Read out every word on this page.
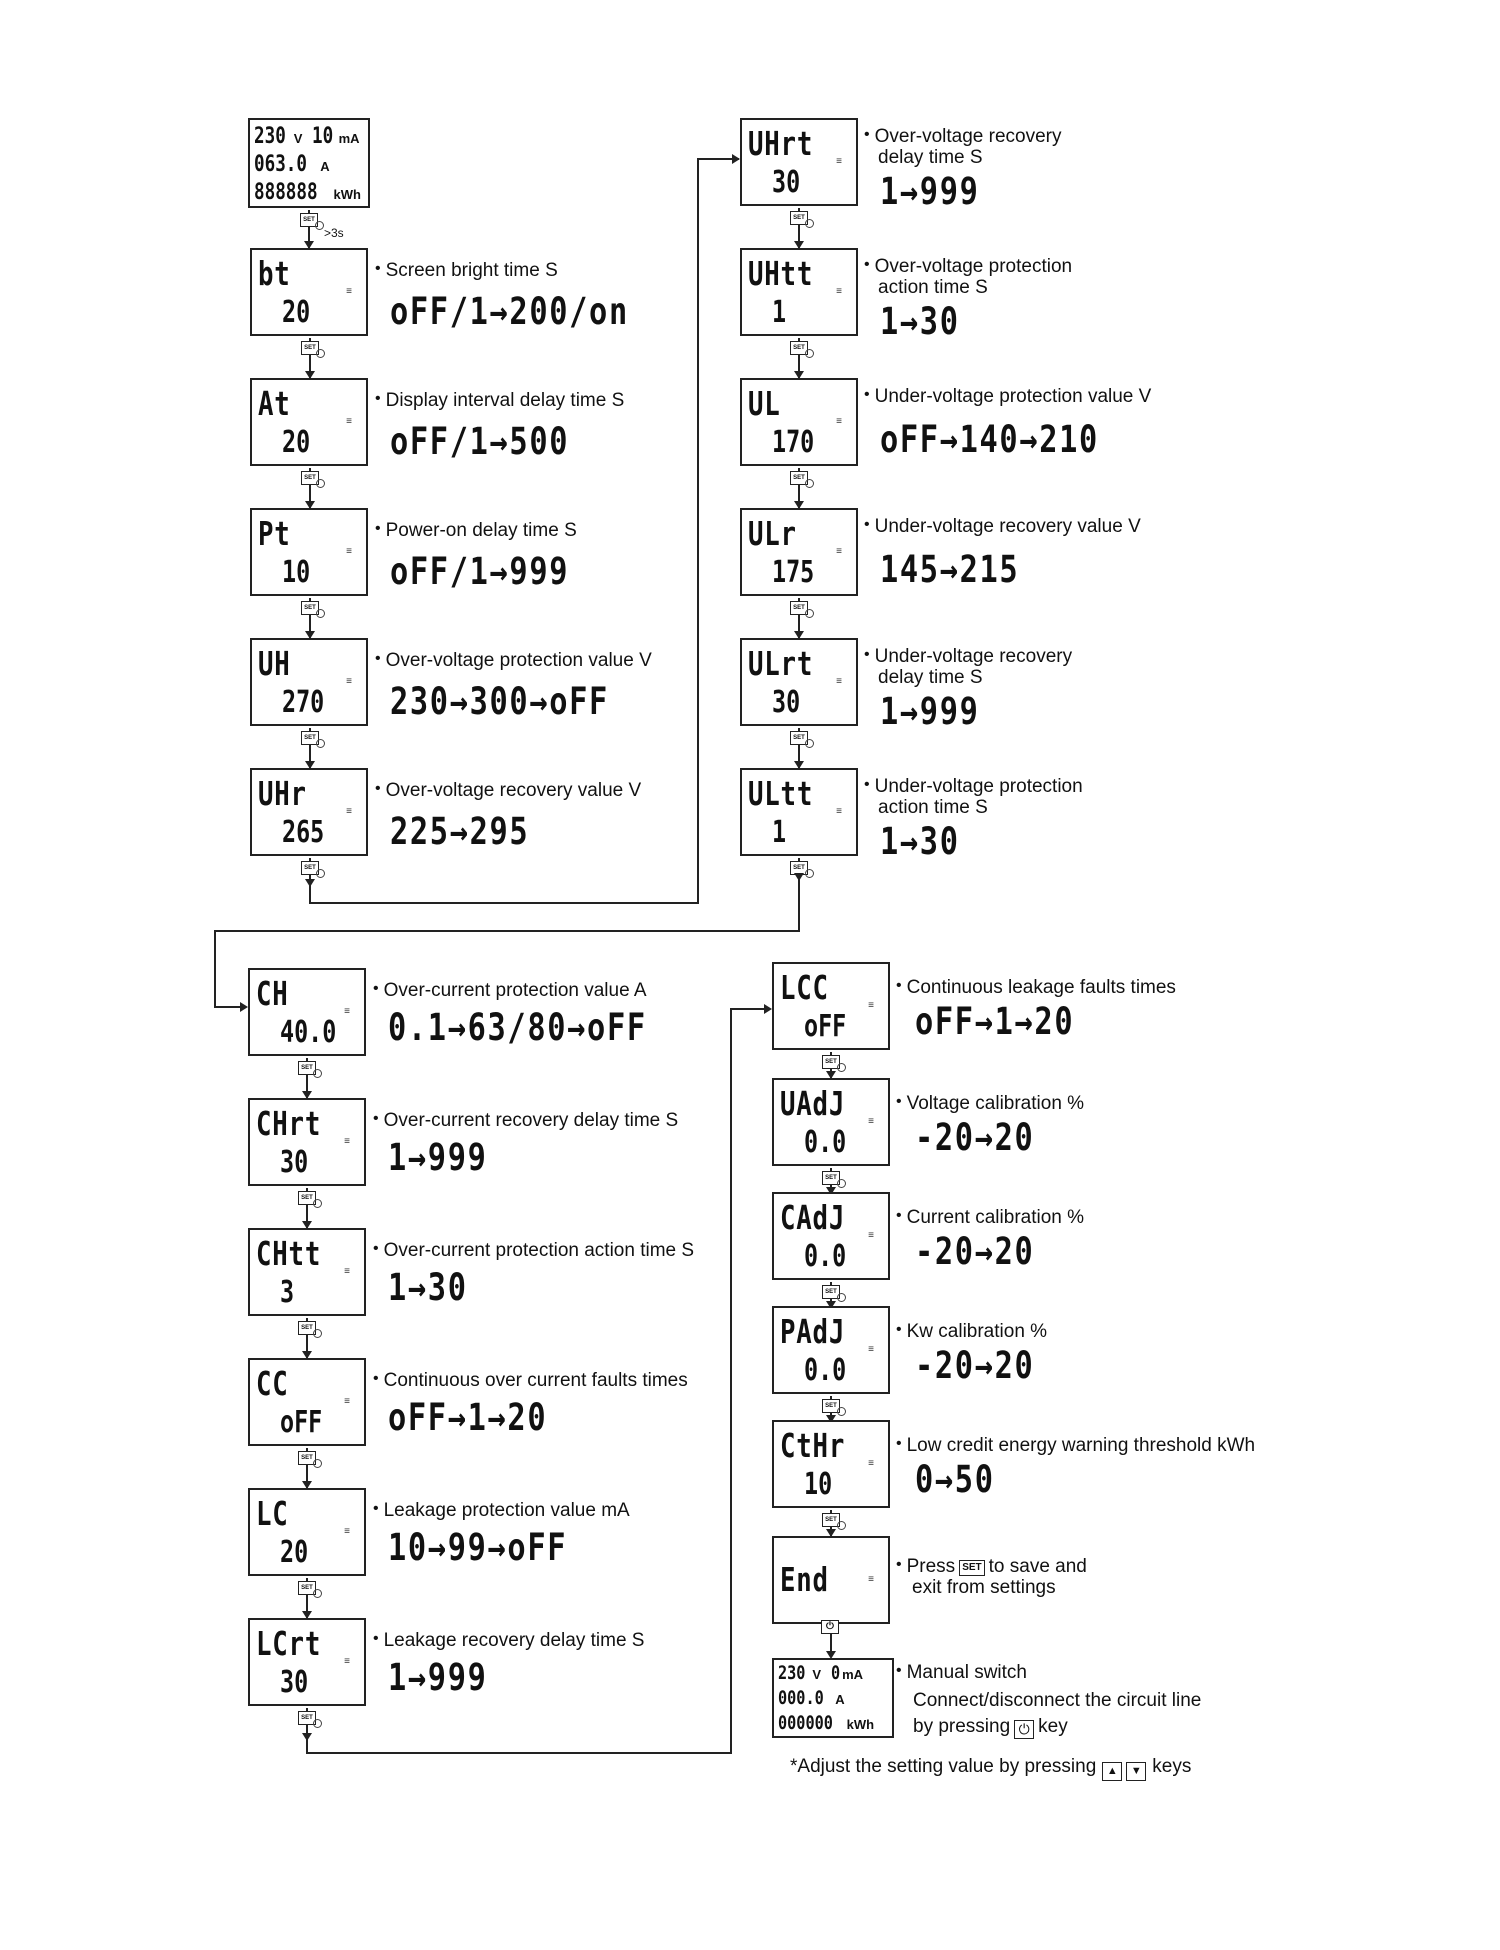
230 V 10 mA
063.0 A
888888 kWh
SET
>3s
bt
20
≡
• Screen bright time S
oFF/1→200/on
SET
At
20
≡
• Display interval delay time S
oFF/1→500
SET
Pt
10
≡
• Power-on delay time S
oFF/1→999
SET
UH
270
≡
• Over-voltage protection value V
230→300→oFF
SET
UHr
265
≡
• Over-voltage recovery value V
225→295
SET
UHrt
30
≡
• Over-voltage recovery
delay time S
1→999
SET
UHtt
1
≡
• Over-voltage protection
action time S
1→30
SET
UL
170
≡
• Under-voltage protection value V
oFF→140→210
SET
ULr
175
≡
• Under-voltage recovery value V
145→215
SET
ULrt
30
≡
• Under-voltage recovery
delay time S
1→999
SET
ULtt
1
≡
• Under-voltage protection
action time S
1→30
SET
CH
40.0
≡
• Over-current protection value A
0.1→63/80→oFF
SET
CHrt
30
≡
• Over-current recovery delay time S
1→999
SET
CHtt
3
≡
• Over-current protection action time S
1→30
SET
CC
oFF
≡
• Continuous over current faults times
oFF→1→20
SET
LC
20
≡
• Leakage protection value mA
10→99→oFF
SET
LCrt
30
≡
• Leakage recovery delay time S
1→999
SET
LCC
oFF
≡
• Continuous leakage faults times
oFF→1→20
SET
UAdJ
0.0
≡
• Voltage calibration %
-20→20
SET
CAdJ
0.0
≡
• Current calibration %
-20→20
SET
PAdJ
0.0
≡
• Kw calibration %
-20→20
SET
CtHr
10
≡
• Low credit energy warning threshold kWh
0→50
SET
End	≡
• Press SET to save and
exit from settings
⏻
230 V 0 mA
000.0 A
000000 kWh
• Manual switch
Connect/disconnect the circuit line
by pressing ⏻ key
*Adjust the setting value by pressing ▲ ▼ keys
